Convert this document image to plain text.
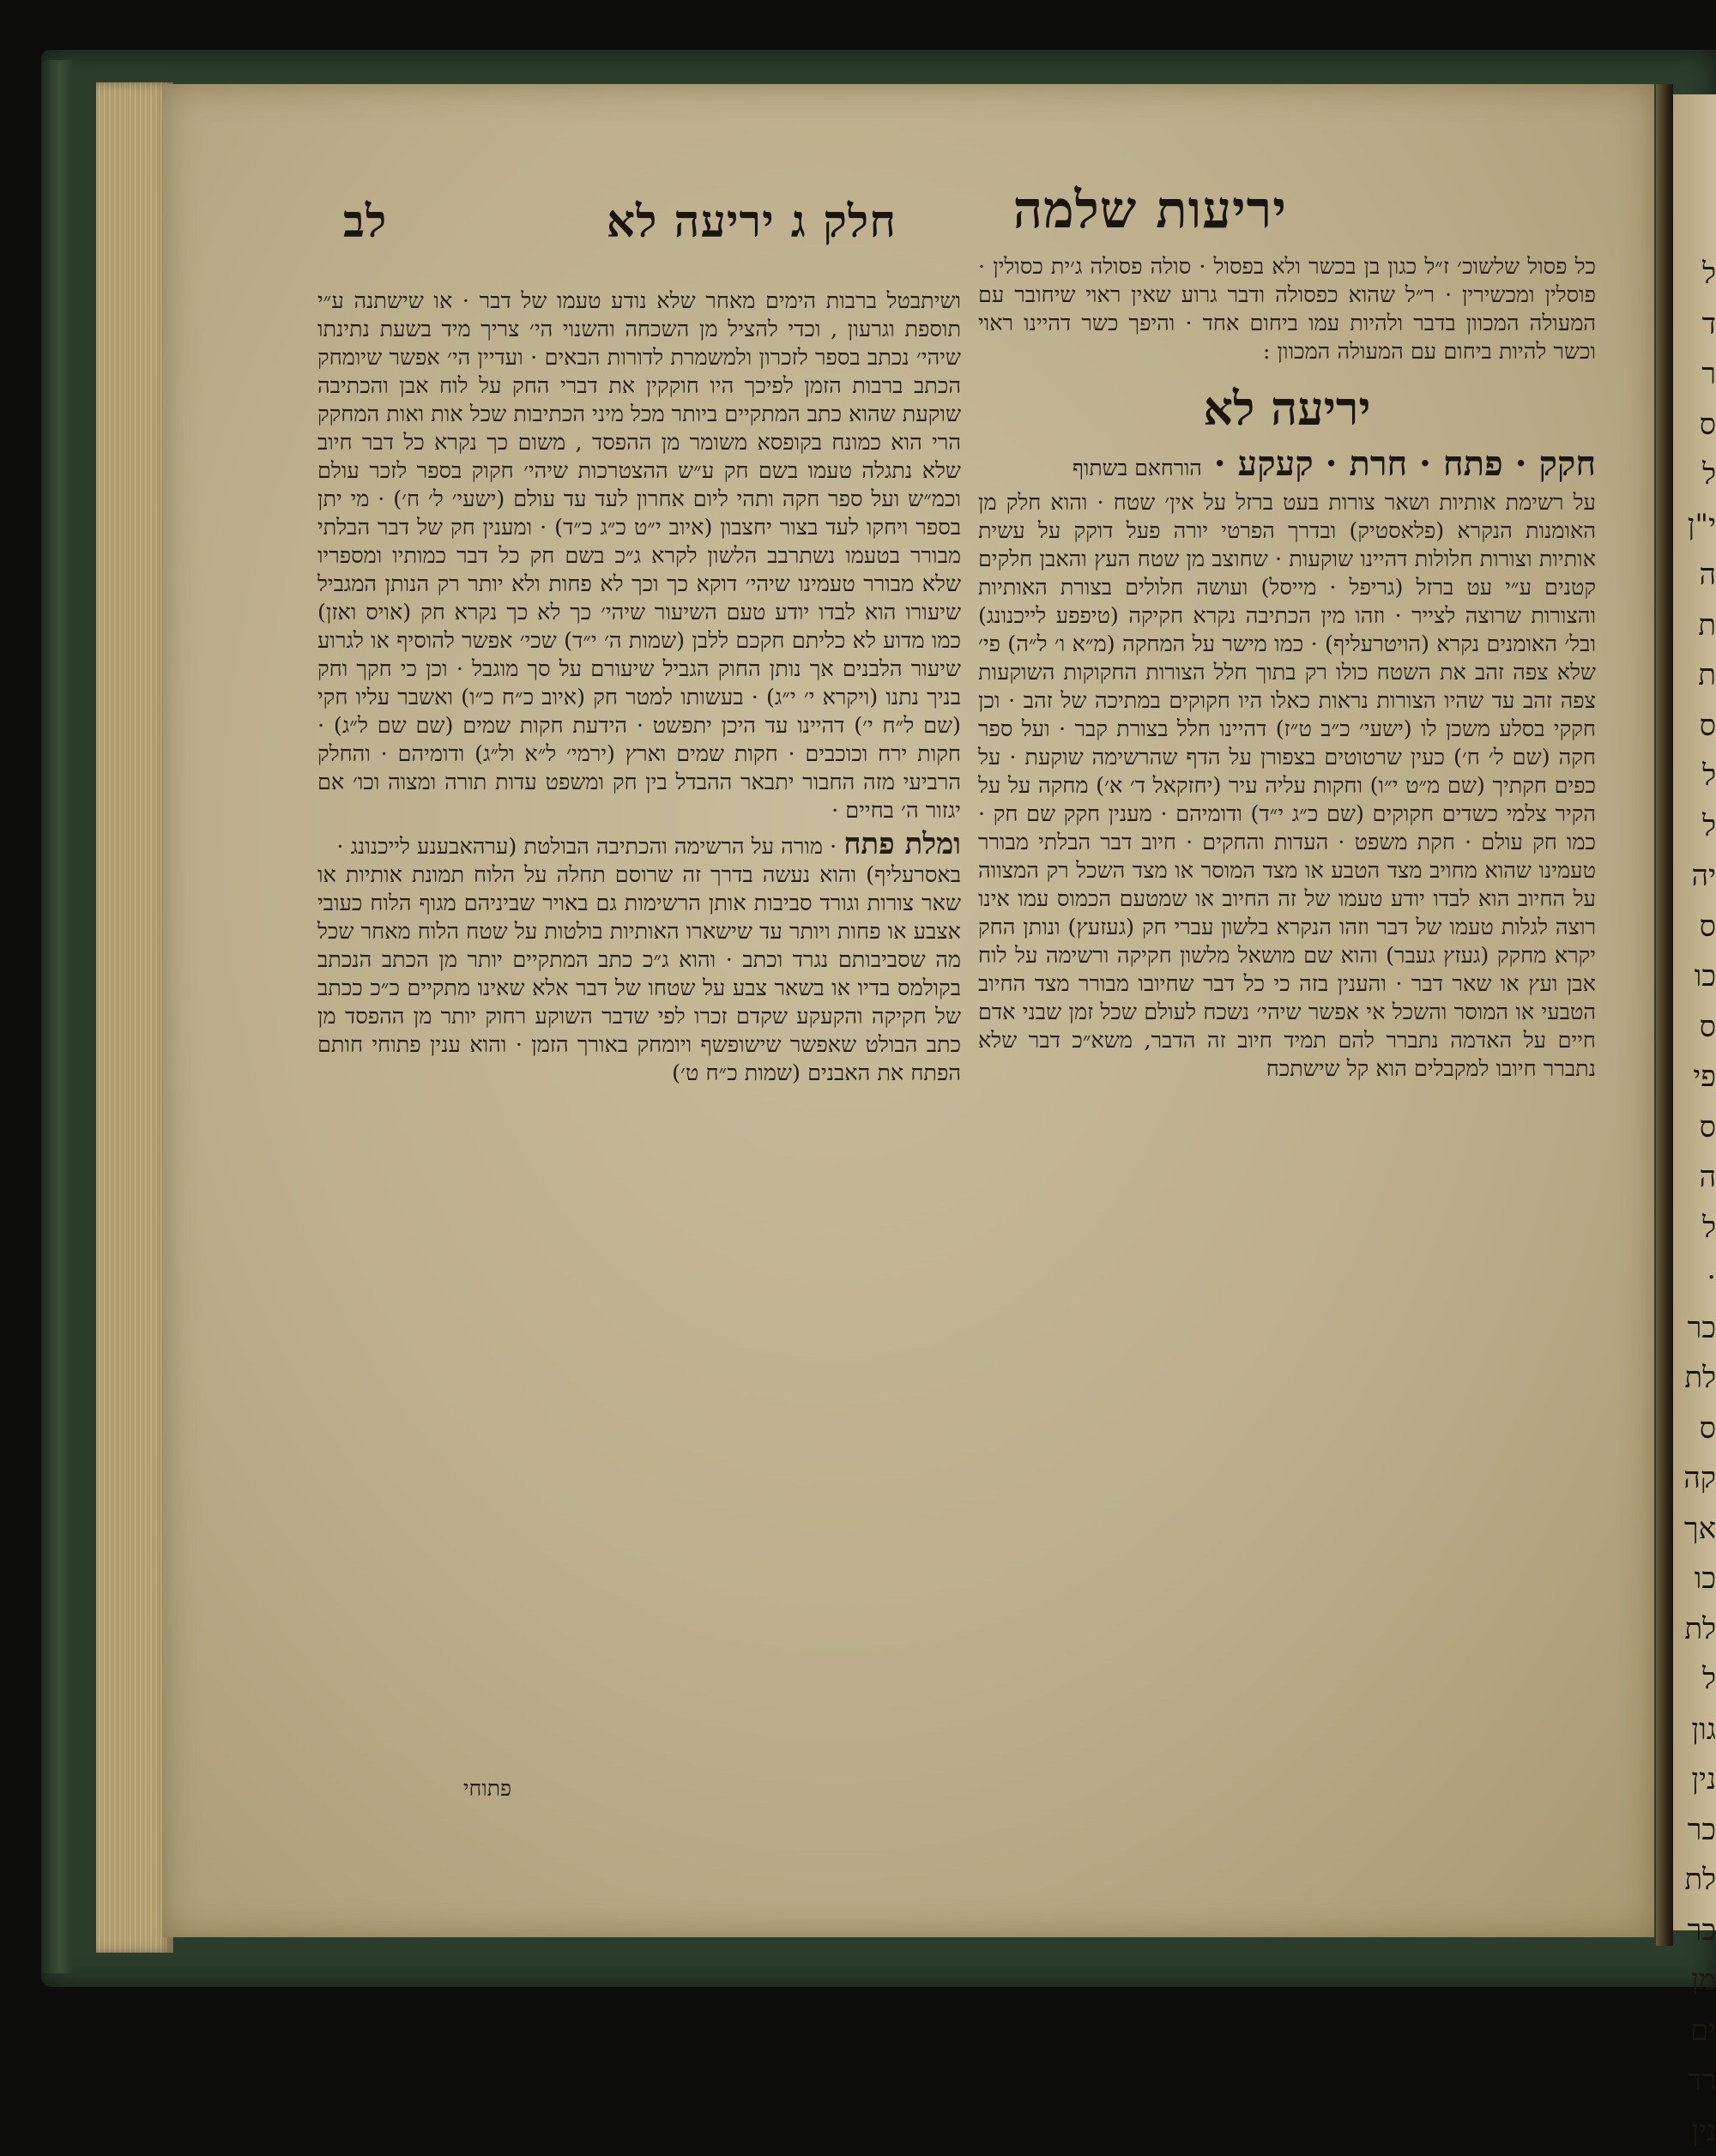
ל
ד
ר
ס
ל
י"ן
ה
ת
ת
ס
ל
ל
יה
ס
כו
ס
פי
ס
ה
ל
·
כר
לת
ס
קה
אך
כו
לת
ל
גון
נין
כר
לת
כר
מן
ים
רד
נין
יריעות שלמה
חלק ג יריעה לא
לב

כל פסול שלשוכ׳ ז״ל כגון בן בכשר ולא בפסול · סולה פסולה ג׳ית כסולין · פוסלין ומכשירין · ר״ל שהוא כפסולה ודבר גרוע שאין ראוי שיחובר עם המעולה המכוון בדבר ולהיות עמו ביחום אחד · והיפך כשר דהיינו ראוי וכשר להיות ביחום עם המעולה המכוון :

יריעה לא
חקק · פתח · חרת · קעקע · הורחאם בשתוף

על רשימת אותיות ושאר צורות בעט ברזל על אין׳ שטח · והוא חלק מן האומנות הנקרא (פלאסטיק) ובדרך הפרטי יורה פעל דוקק על עשית אותיות וצורות חלולות דהיינו שוקעות · שחוצב מן שטח העץ והאבן חלקים קטנים ע״י עט ברזל (גריפל · מייסל) ועושה חלולים בצורת האותיות והצורות שרוצה לצייר · וזהו מין הכתיבה נקרא חקיקה (טיפפע לייכנונג) ובל׳ האומנים נקרא (הויטרעליף) · כמו מישר על המחקה (מ״א ו׳ ל״ה) פי׳ שלא צפה זהב את השטח כולו רק בתוך חלל הצורות החקוקות השוקעות צפה זהב עד שהיו הצורות נראות כאלו היו חקוקים במתיכה של זהב · וכן חקקי בסלע משכן לו (ישעי׳ כ״ב ט״ז) דהיינו חלל בצורת קבר · ועל ספר חקה (שם ל׳ ח׳) כעין שרטוטים בצפורן על הדף שהרשימה שוקעת · על כפים חקתיך (שם מ״ט י״ו) וחקות עליה עיר (יחזקאל ד׳ א׳) מחקה על על הקיר צלמי כשדים חקוקים (שם כ״ג י״ד) ודומיהם · מענין חקק שם חק · כמו חק עולם · חקת משפט · העדות והחקים · חיוב דבר הבלתי מבורר טעמינו שהוא מחויב מצד הטבע או מצד המוסר או מצד השכל רק המצווה על החיוב הוא לבדו יודע טעמו של זה החיוב או שמטעם הכמוס עמו אינו רוצה לגלות טעמו של דבר וזהו הנקרא בלשון עברי חק (געזעץ) ונותן החק יקרא מחקק (געזץ געבר) והוא שם מושאל מלשון חקיקה ורשימה על לוח אבן ועץ או שאר דבר · והענין בזה כי כל דבר שחיובו מבורר מצד החיוב הטבעי או המוסר והשכל אי אפשר שיהי׳ נשכח לעולם שכל זמן שבני אדם חיים על האדמה נתברר להם תמיד חיוב זה הדבר, משא״כ דבר שלא נתברר חיובו למקבלים הוא קל שישתכח

ושיתבטל ברבות הימים מאחר שלא נודע טעמו של דבר · או שישתנה ע״י תוספת וגרעון , וכדי להציל מן השכחה והשנוי הי׳ צריך מיד בשעת נתינתו שיהי׳ נכתב בספר לזכרון ולמשמרת לדורות הבאים · ועדיין הי׳ אפשר שיומחק הכתב ברבות הזמן לפיכך היו חוקקין את דברי החק על לוח אבן והכתיבה שוקעת שהוא כתב המתקיים ביותר מכל מיני הכתיבות שכל אות ואות המחקק הרי הוא כמונח בקופסא משומר מן ההפסד , משום כך נקרא כל דבר חיוב שלא נתגלה טעמו בשם חק ע״ש ההצטרכות שיהי׳ חקוק בספר לזכר עולם וכמ״ש ועל ספר חקה ותהי ליום אחרון לעד עד עולם (ישעי׳ ל׳ ח׳) · מי יתן בספר ויחקו לעד בצור יחצבון (איוב י״ט כ״ג כ״ד) · ומענין חק של דבר הבלתי מבורר בטעמו נשתרבב הלשון לקרא ג״כ בשם חק כל דבר כמותיו ומספריו שלא מבורר טעמינו שיהי׳ דוקא כך וכך לא פחות ולא יותר רק הנותן המגביל שיעורו הוא לבדו יודע טעם השיעור שיהי׳ כך לא כך נקרא חק (אויס ואזן) כמו מדוע לא כליתם חקכם ללבן (שמות ה׳ י״ד) שכי׳ אפשר להוסיף או לגרוע שיעור הלבנים אך נותן החוק הגביל שיעורם על סך מוגבל · וכן כי חקך וחק בניך נתנו (ויקרא י׳ י״ג) · בעשותו למטר חק (איוב כ״ח כ״ו) ואשבר עליו חקי (שם ל״ח י׳) דהיינו עד היכן יתפשט · הידעת חקות שמים (שם שם ל״ג) · חקות ירח וכוכבים · חקות שמים וארץ (ירמי׳ ל״א ול״ג) ודומיהם · והחלק הרביעי מזה החבור יתבאר ההבדל בין חק ומשפט עדות תורה ומצוה וכו׳ אם יגזור ה׳ בחיים ·

ומלת פתח · מורה על הרשימה והכתיבה הבולטת (ערהאבענע לייכנונג ·

באסרעליף) והוא נעשה בדרך זה שרוסם תחלה על הלוח תמונת אותיות או שאר צורות וגורד סביבות אותן הרשימות גם באויר שביניהם מגוף הלוח כעובי אצבע או פחות ויותר עד שישארו האותיות בולטות על שטח הלוח מאחר שכל מה שסביבותם נגרד וכתב · והוא ג״כ כתב המתקיים יותר מן הכתב הנכתב בקולמס בדיו או בשאר צבע על שטחו של דבר אלא שאינו מתקיים כ״כ ככתב של חקיקה והקעקע שקדם זכרו לפי שדבר השוקע רחוק יותר מן ההפסד מן כתב הבולט שאפשר שישופשף ויומחק באורך הזמן · והוא ענין פתוחי חותם הפתח את האבנים (שמות כ״ח ט׳)

פתוחי
